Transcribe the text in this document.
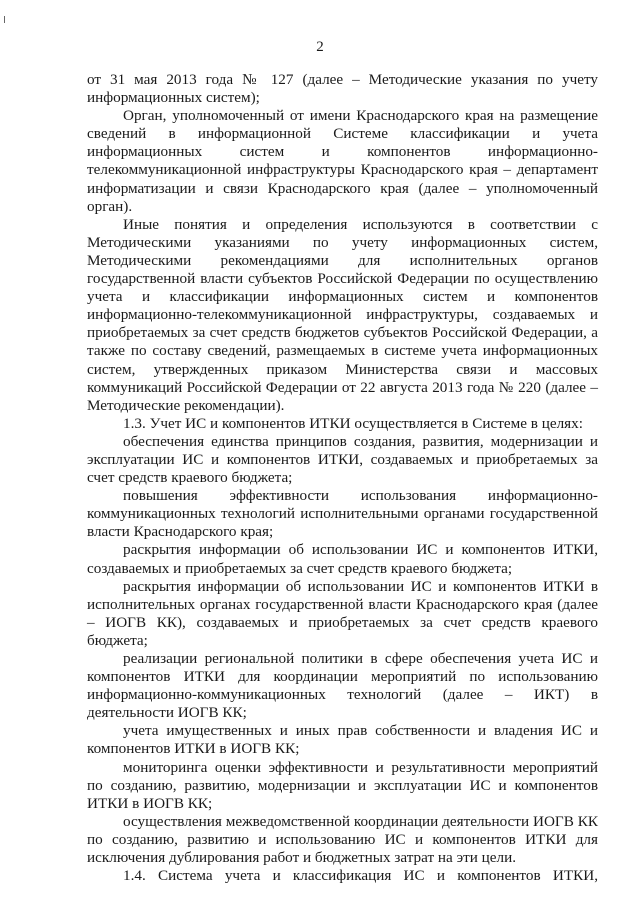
2

от 31 мая 2013 года № 127 (далее – Методические указания по учету информационных систем);

Орган, уполномоченный от имени Краснодарского края на размещение сведений в информационной Системе классификации и учета информационных систем и компонентов информационно-телекоммуникационной инфраструктуры Краснодарского края – департамент информатизации и связи Краснодарского края (далее – уполномоченный орган).

Иные понятия и определения используются в соответствии с Методическими указаниями по учету информационных систем, Методическими рекомендациями для исполнительных органов государственной власти субъектов Российской Федерации по осуществлению учета и классификации информационных систем и компонентов информационно-телекоммуникационной инфраструктуры, создаваемых и приобретаемых за счет средств бюджетов субъектов Российской Федерации, а также по составу сведений, размещаемых в системе учета информационных систем, утвержденных приказом Министерства связи и массовых коммуникаций Российской Федерации от 22 августа 2013 года № 220 (далее – Методические рекомендации).

1.3. Учет ИС и компонентов ИТКИ осуществляется в Системе в целях:

обеспечения единства принципов создания, развития, модернизации и эксплуатации ИС и компонентов ИТКИ, создаваемых и приобретаемых за счет средств краевого бюджета;

повышения эффективности использования информационно-коммуникационных технологий исполнительными органами государственной власти Краснодарского края;

раскрытия информации об использовании ИС и компонентов ИТКИ, создаваемых и приобретаемых за счет средств краевого бюджета;

раскрытия информации об использовании ИС и компонентов ИТКИ в исполнительных органах государственной власти Краснодарского края (далее – ИОГВ КК), создаваемых и приобретаемых за счет средств краевого бюджета;

реализации региональной политики в сфере обеспечения учета ИС и компонентов ИТКИ для координации мероприятий по использованию информационно-коммуникационных технологий (далее – ИКТ) в деятельности ИОГВ КК;

учета имущественных и иных прав собственности и владения ИС и компонентов ИТКИ в ИОГВ КК;

мониторинга оценки эффективности и результативности мероприятий по созданию, развитию, модернизации и эксплуатации ИС и компонентов ИТКИ в ИОГВ КК;

осуществления межведомственной координации деятельности ИОГВ КК по созданию, развитию и использованию ИС и компонентов ИТКИ для исключения дублирования работ и бюджетных затрат на эти цели.

1.4. Система учета и классификация ИС и компонентов ИТКИ,
